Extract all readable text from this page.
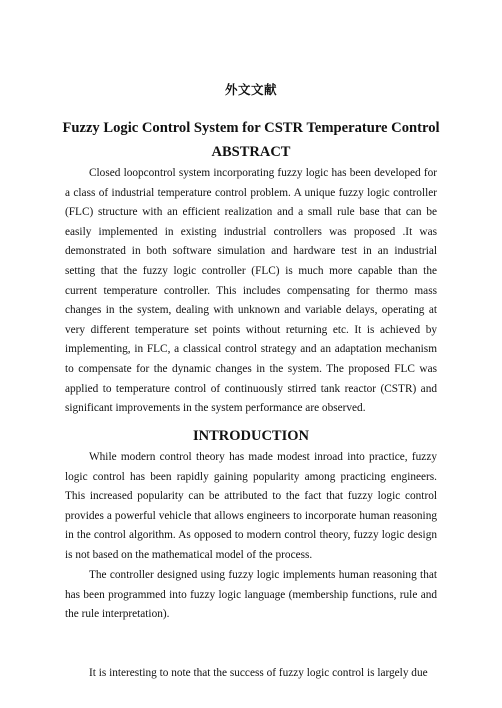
外文文献
Fuzzy Logic Control System for CSTR Temperature Control
ABSTRACT

Closed loopcontrol system incorporating fuzzy logic has been developed for a class of industrial temperature control problem. A unique fuzzy logic controller (FLC) structure with an efficient realization and a small rule base that can be easily implemented in existing industrial controllers was proposed .It was demonstrated in both software simulation and hardware test in an industrial setting that the fuzzy logic controller (FLC) is much more capable than the current temperature controller. This includes compensating for thermo mass changes in the system, dealing with unknown and variable delays, operating at very different temperature set points without returning etc. It is achieved by implementing, in FLC, a classical control strategy and an adaptation mechanism to compensate for the dynamic changes in the system. The proposed FLC was applied to temperature control of continuously stirred tank reactor (CSTR) and significant improvements in the system performance are observed.

INTRODUCTION

While modern control theory has made modest inroad into practice, fuzzy logic control has been rapidly gaining popularity among practicing engineers. This increased popularity can be attributed to the fact that fuzzy logic control provides a powerful vehicle that allows engineers to incorporate human reasoning in the control algorithm. As opposed to modern control theory, fuzzy logic design is not based on the mathematical model of the process.

The controller designed using fuzzy logic implements human reasoning that has been programmed into fuzzy logic language (membership functions, rule and the rule interpretation).

It is interesting to note that the success of fuzzy logic control is largely due
